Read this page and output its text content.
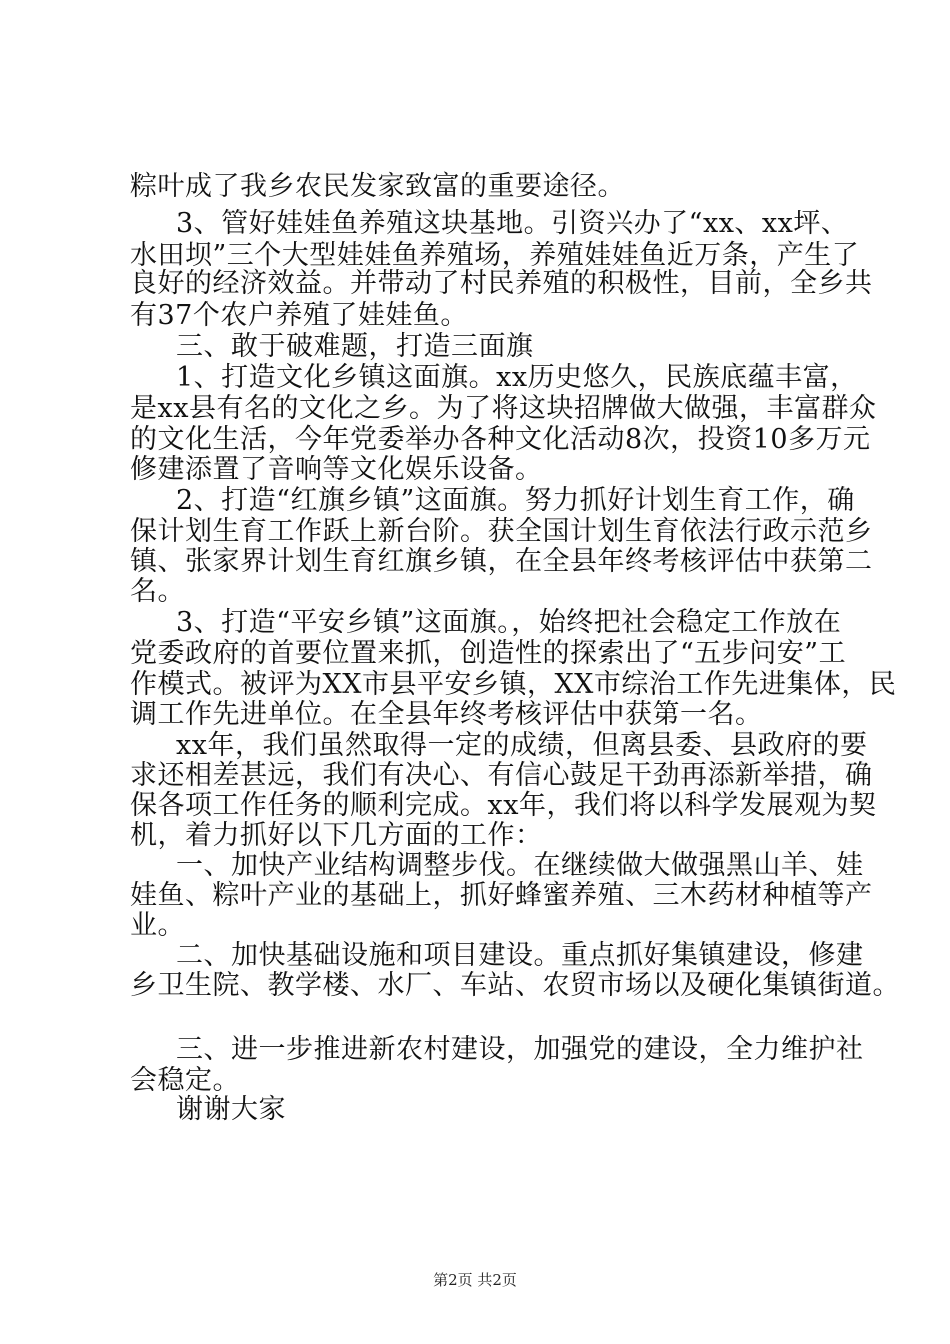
粽叶成了我乡农民发家致富的重要途径。
3、管好娃娃鱼养殖这块基地。引资兴办了“xx、xx坪、
水田坝”三个大型娃娃鱼养殖场，养殖娃娃鱼近万条，产生了
良好的经济效益。并带动了村民养殖的积极性，目前，全乡共
有37个农户养殖了娃娃鱼。
三、敢于破难题，打造三面旗
1、打造文化乡镇这面旗。xx历史悠久，民族底蕴丰富，
是xx县有名的文化之乡。为了将这块招牌做大做强，丰富群众
的文化生活，今年党委举办各种文化活动8次，投资10多万元
修建添置了音响等文化娱乐设备。
2、打造“红旗乡镇”这面旗。努力抓好计划生育工作，确
保计划生育工作跃上新台阶。获全国计划生育依法行政示范乡
镇、张家界计划生育红旗乡镇，在全县年终考核评估中获第二
名。
3、打造“平安乡镇”这面旗。，始终把社会稳定工作放在
党委政府的首要位置来抓，创造性的探索出了“五步问安”工
作模式。被评为XX市县平安乡镇，XX市综治工作先进集体，民
调工作先进单位。在全县年终考核评估中获第一名。
xx年，我们虽然取得一定的成绩，但离县委、县政府的要
求还相差甚远，我们有决心、有信心鼓足干劲再添新举措，确
保各项工作任务的顺利完成。xx年，我们将以科学发展观为契
机，着力抓好以下几方面的工作：
一、加快产业结构调整步伐。在继续做大做强黑山羊、娃
娃鱼、粽叶产业的基础上，抓好蜂蜜养殖、三木药材种植等产
业。
二、加快基础设施和项目建设。重点抓好集镇建设，修建
乡卫生院、教学楼、水厂、车站、农贸市场以及硬化集镇街道。
三、进一步推进新农村建设，加强党的建设，全力维护社
会稳定。
谢谢大家
第2页 共2页
